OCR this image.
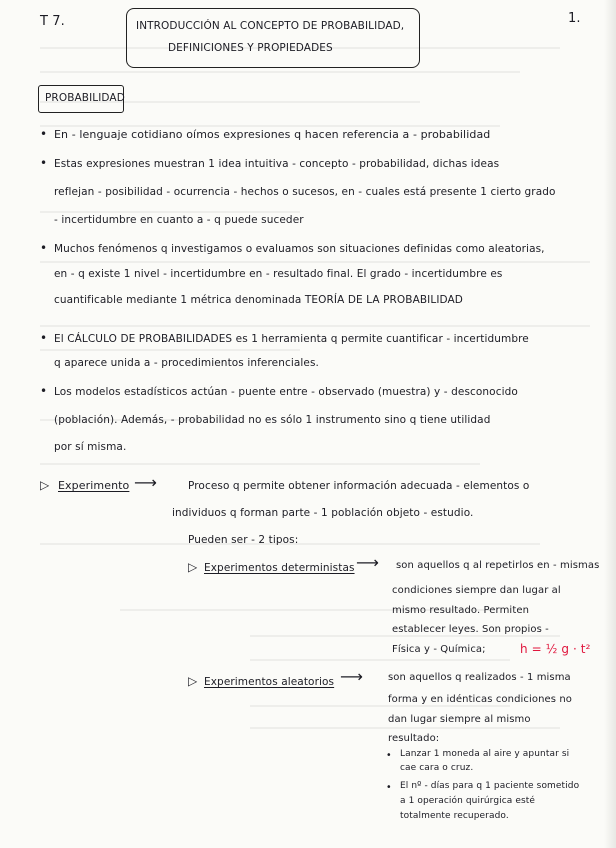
T 7.	INTRODUCCIÓN AL CONCEPTO DE PROBABILIDAD,
DEFINICIONES Y PROPIEDADES
1.
PROBABILIDAD
• En - lenguaje cotidiano oímos expresiones q hacen referencia a - probabilidad
• Estas expresiones muestran 1 idea intuitiva - concepto - probabilidad, dichas ideas
reflejan - posibilidad - ocurrencia - hechos o sucesos, en - cuales está presente 1 cierto grado
- incertidumbre en cuanto a - q puede suceder
• Muchos fenómenos q investigamos o evaluamos son situaciones definidas como aleatorias,
en - q existe 1 nivel - incertidumbre en - resultado final. El grado - incertidumbre es
cuantificable mediante 1 métrica denominada TEORÍA DE LA PROBABILIDAD
• El CÁLCULO DE PROBABILIDADES es 1 herramienta q permite cuantificar - incertidumbre
q aparece unida a - procedimientos inferenciales.
• Los modelos estadísticos actúan - puente entre - observado (muestra) y - desconocido
(población). Además, - probabilidad no es sólo 1 instrumento sino q tiene utilidad
por sí misma.
▷ Experimento ⟶	Proceso q permite obtener información adecuada - elementos o
individuos q forman parte - 1 población objeto - estudio.
Pueden ser - 2 tipos:
▷ Experimentos deterministas ⟶ son aquellos q al repetirlos en - mismas
condiciones siempre dan lugar al
mismo resultado. Permiten
establecer leyes. Son propios -
Física y - Química;	h = ½ g · t²
▷ Experimentos aleatorios ⟶ son aquellos q realizados - 1 misma
forma y en idénticas condiciones no
dan lugar siempre al mismo
resultado:
• Lanzar 1 moneda al aire y apuntar si
cae cara o cruz.
• El nº - días para q 1 paciente sometido
a 1 operación quirúrgica esté
totalmente recuperado.
